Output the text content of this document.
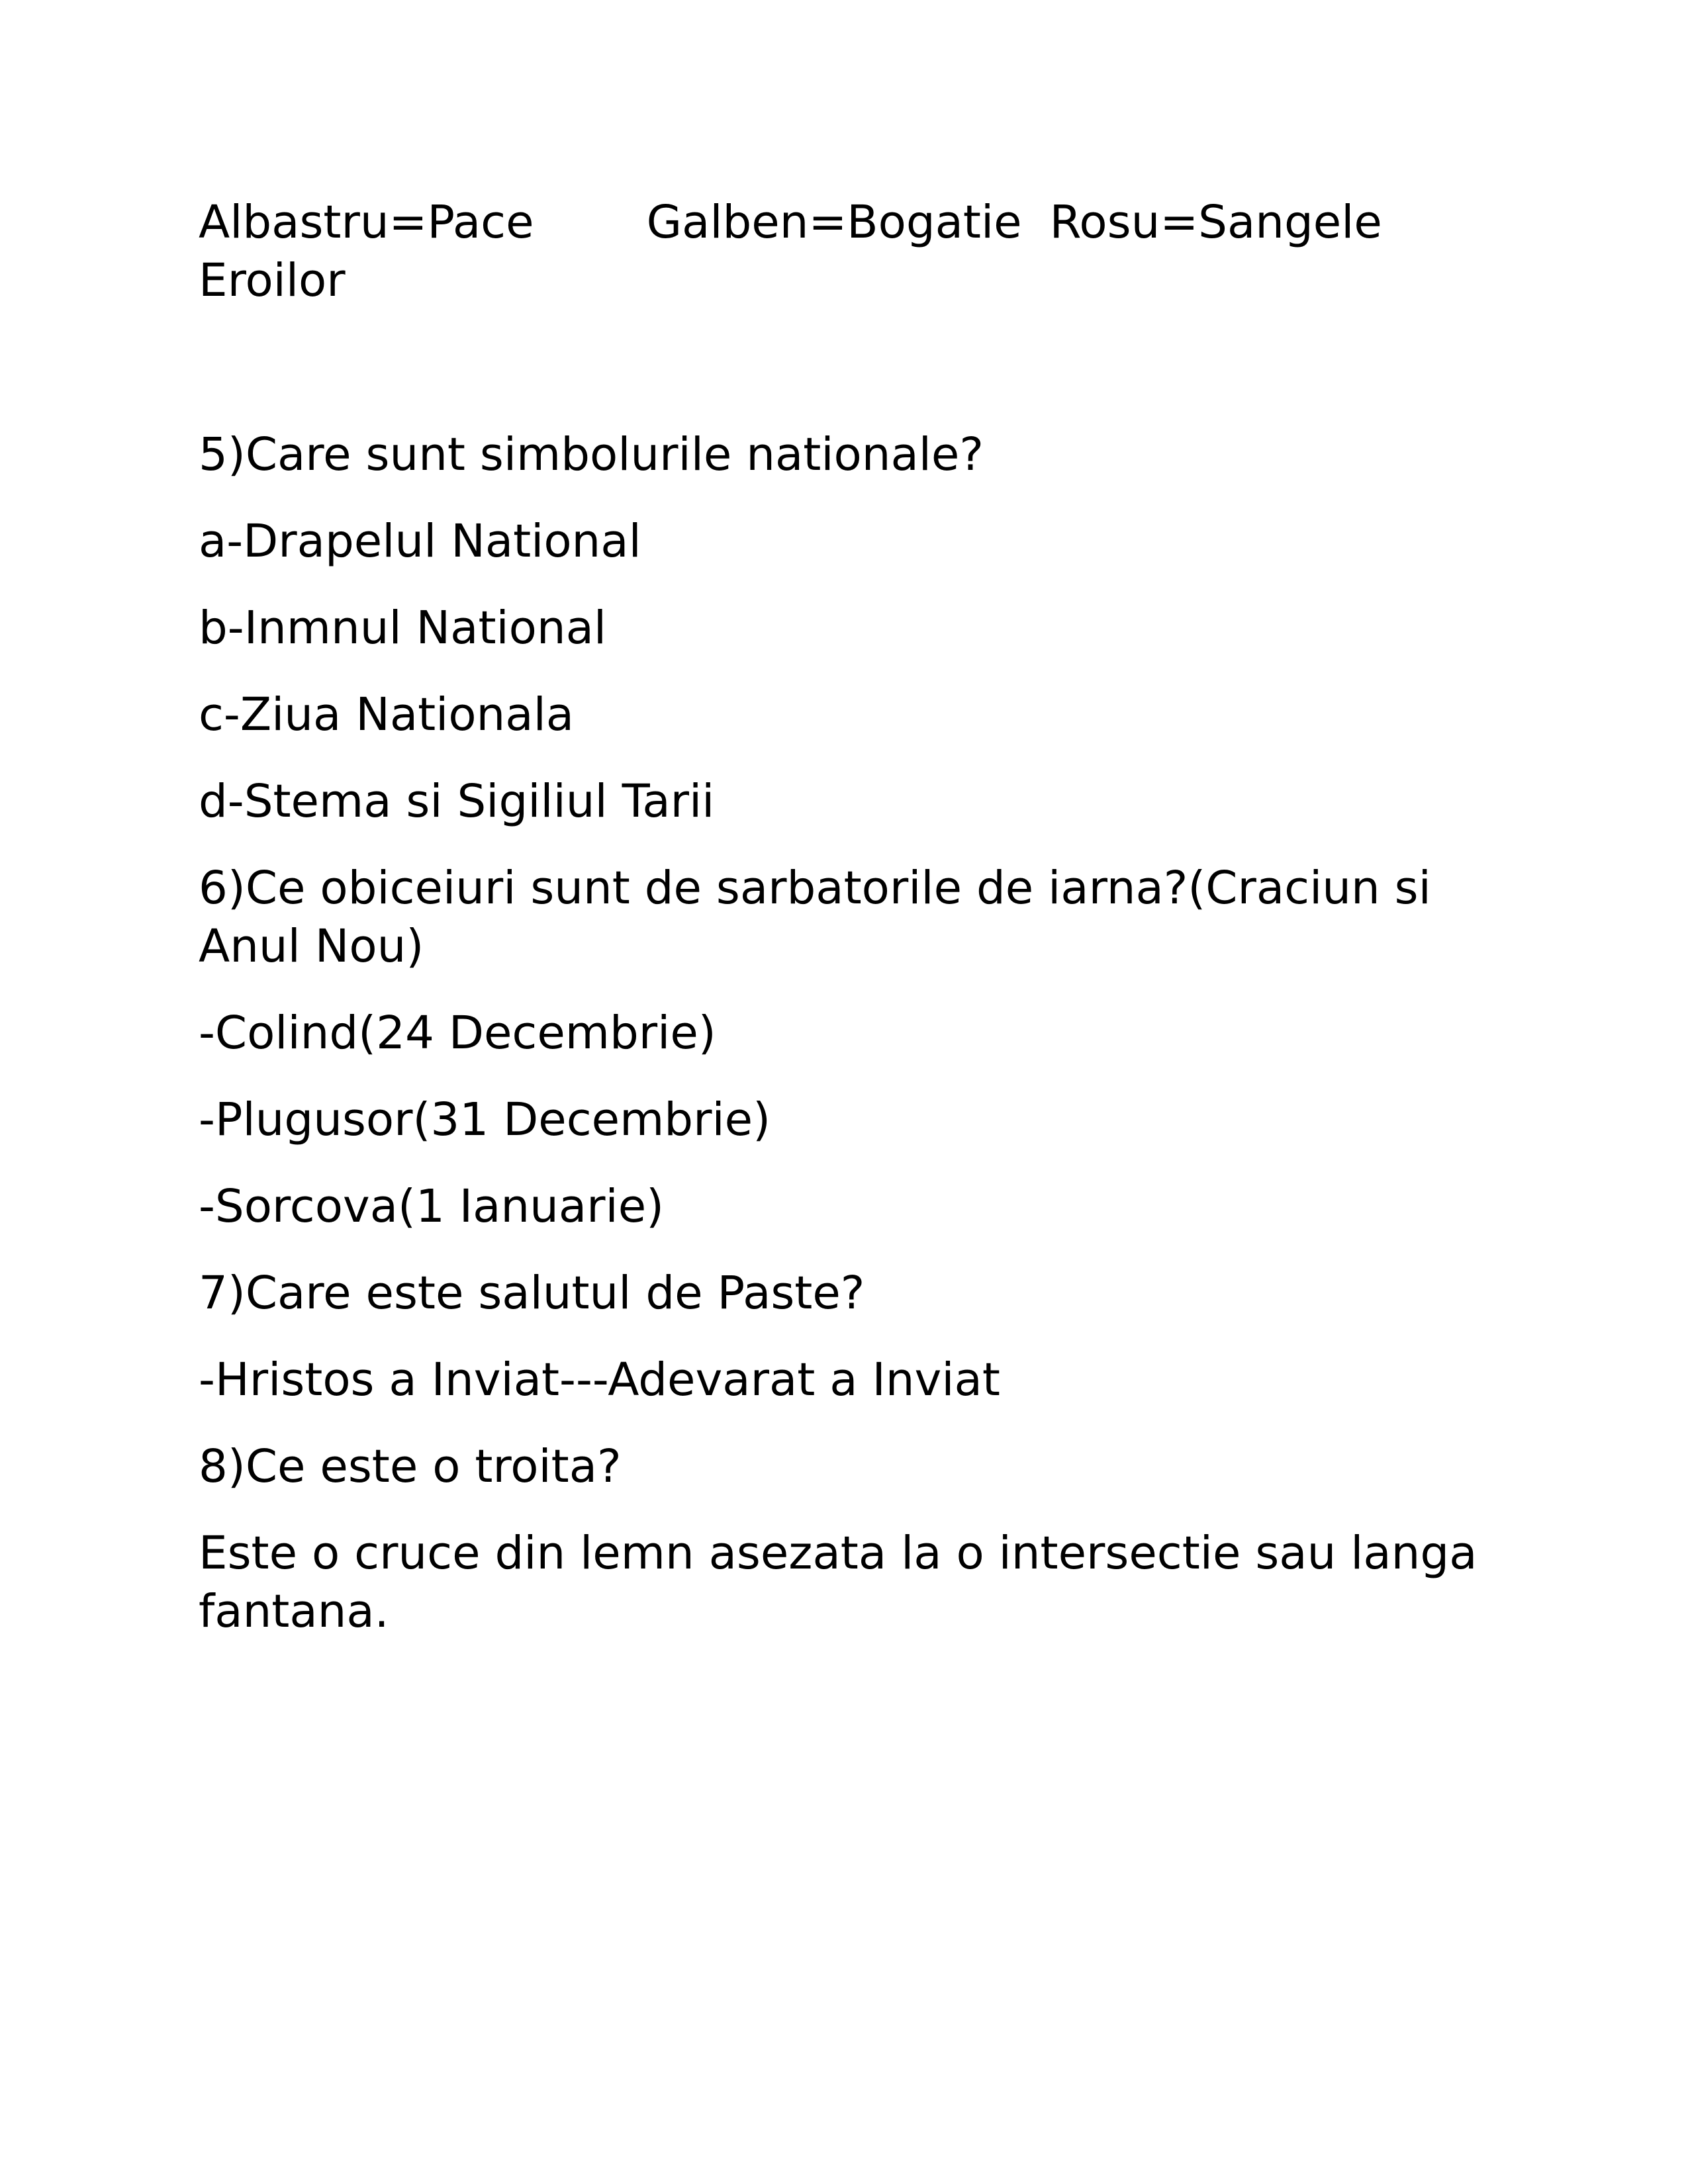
Albastru=Pace Galben=Bogatie Rosu=Sangele
Eroilor

5)Care sunt simbolurile nationale?

a-Drapelul National

b-Inmnul National

c-Ziua Nationala

d-Stema si Sigiliul Tarii

6)Ce obiceiuri sunt de sarbatorile de iarna?(Craciun si Anul Nou)

-Colind(24 Decembrie)

-Plugusor(31 Decembrie)

-Sorcova(1 Ianuarie)

7)Care este salutul de Paste?

-Hristos a Inviat---Adevarat a Inviat

8)Ce este o troita?

Este o cruce din lemn asezata la o intersectie sau langa fantana.
